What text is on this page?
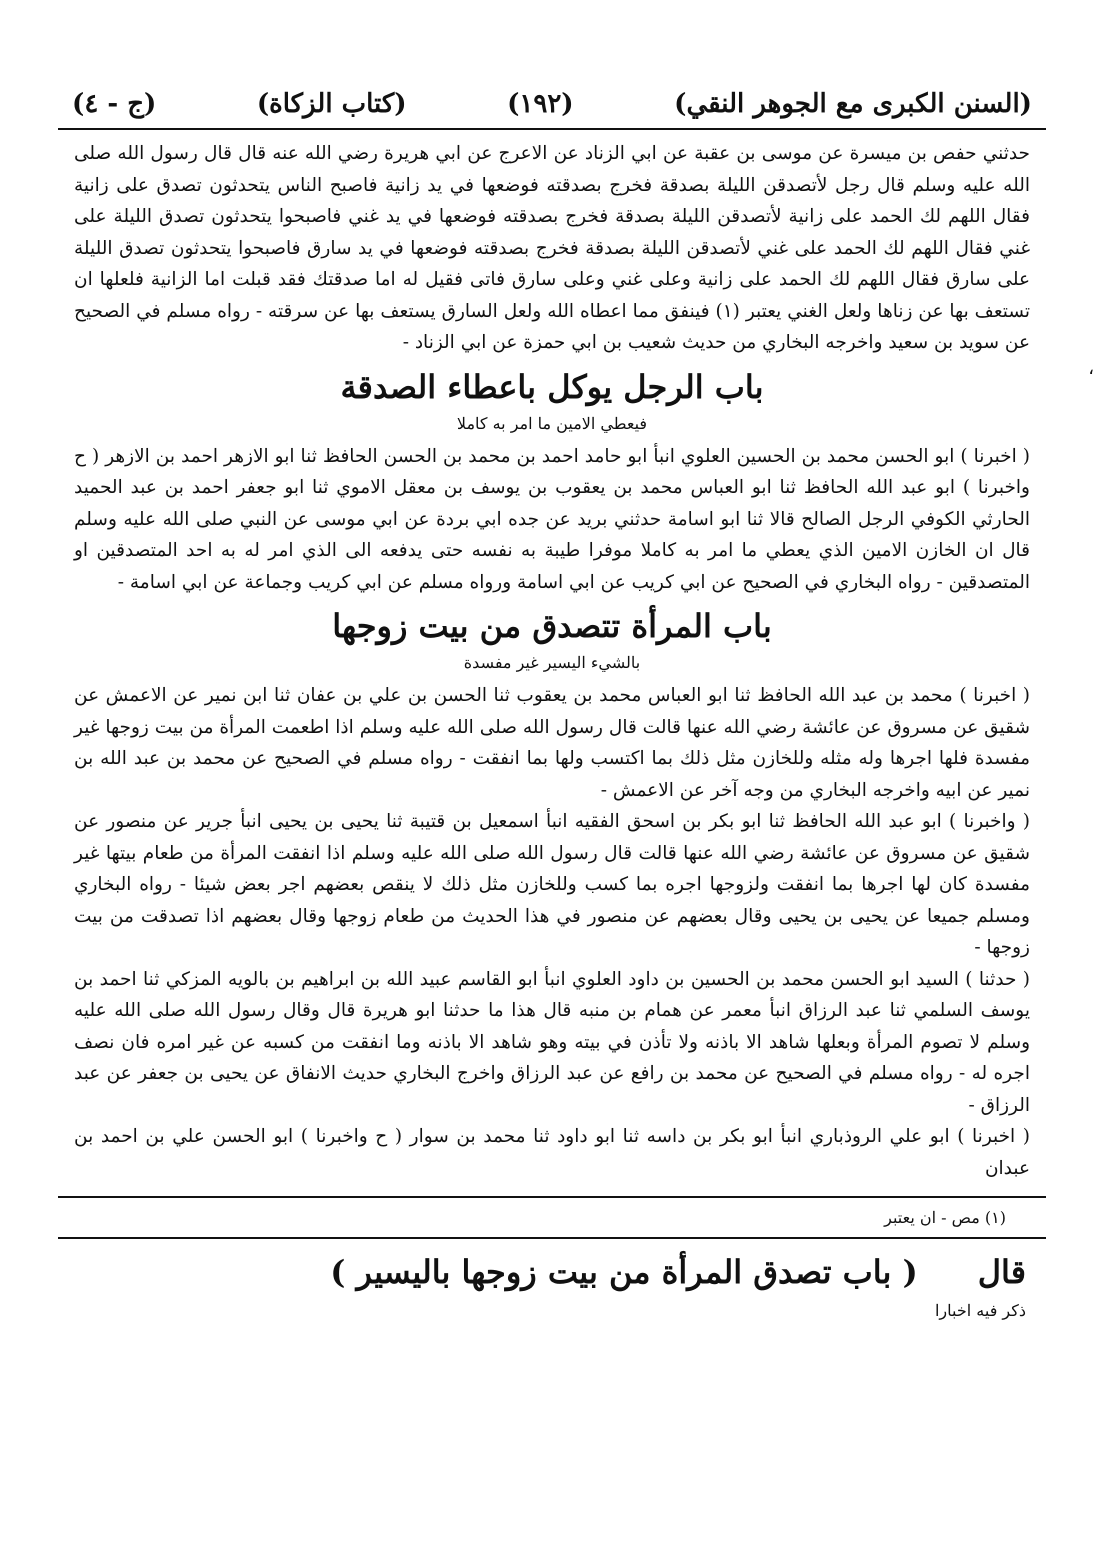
(السنن الكبرى مع الجوهر النقي)
(١٩٢)
(كتاب الزكاة)
(ج - ٤)

حدثني حفص بن ميسرة عن موسى بن عقبة عن ابي الزناد عن الاعرج عن ابي هريرة رضي الله عنه قال قال رسول الله صلى الله عليه وسلم قال رجل لأتصدقن الليلة بصدقة فخرج بصدقته فوضعها في يد زانية فاصبح الناس يتحدثون تصدق على زانية فقال اللهم لك الحمد على زانية لأتصدقن الليلة بصدقة فخرج بصدقته فوضعها في يد غني فاصبحوا يتحدثون تصدق الليلة على غني فقال اللهم لك الحمد على غني لأتصدقن الليلة بصدقة فخرج بصدقته فوضعها في يد سارق فاصبحوا يتحدثون تصدق الليلة على سارق فقال اللهم لك الحمد على زانية وعلى غني وعلى سارق فاتى فقيل له اما صدقتك فقد قبلت اما الزانية فلعلها ان تستعف بها عن زناها ولعل الغني يعتبر (١) فينفق مما اعطاه الله ولعل السارق يستعف بها عن سرقته - رواه مسلم في الصحيح عن سويد بن سعيد واخرجه البخاري من حديث شعيب بن ابي حمزة عن ابي الزناد -

باب الرجل يوكل باعطاء الصدقة
فيعطي الامين ما امر به كاملا

( اخبرنا ) ابو الحسن محمد بن الحسين العلوي انبأ ابو حامد احمد بن محمد بن الحسن الحافظ ثنا ابو الازهر احمد بن الازهر ( ح واخبرنا ) ابو عبد الله الحافظ ثنا ابو العباس محمد بن يعقوب بن يوسف بن معقل الاموي ثنا ابو جعفر احمد بن عبد الحميد الحارثي الكوفي الرجل الصالح قالا ثنا ابو اسامة حدثني بريد عن جده ابي بردة عن ابي موسى عن النبي صلى الله عليه وسلم قال ان الخازن الامين الذي يعطي ما امر به كاملا موفرا طيبة به نفسه حتى يدفعه الى الذي امر له به احد المتصدقين او المتصدقين - رواه البخاري في الصحيح عن ابي كريب عن ابي اسامة ورواه مسلم عن ابي كريب وجماعة عن ابي اسامة -

باب المرأة تتصدق من بيت زوجها
بالشيء اليسير غير مفسدة

( اخبرنا ) محمد بن عبد الله الحافظ ثنا ابو العباس محمد بن يعقوب ثنا الحسن بن علي بن عفان ثنا ابن نمير عن الاعمش عن شقيق عن مسروق عن عائشة رضي الله عنها قالت قال رسول الله صلى الله عليه وسلم اذا اطعمت المرأة من بيت زوجها غير مفسدة فلها اجرها وله مثله وللخازن مثل ذلك بما اكتسب ولها بما انفقت - رواه مسلم في الصحيح عن محمد بن عبد الله بن نمير عن ابيه واخرجه البخاري من وجه آخر عن الاعمش -

( واخبرنا ) ابو عبد الله الحافظ ثنا ابو بكر بن اسحق الفقيه انبأ اسمعيل بن قتيبة ثنا يحيى بن يحيى انبأ جرير عن منصور عن شقيق عن مسروق عن عائشة رضي الله عنها قالت قال رسول الله صلى الله عليه وسلم اذا انفقت المرأة من طعام بيتها غير مفسدة كان لها اجرها بما انفقت ولزوجها اجره بما كسب وللخازن مثل ذلك لا ينقص بعضهم اجر بعض شيئا - رواه البخاري ومسلم جميعا عن يحيى بن يحيى وقال بعضهم عن منصور في هذا الحديث من طعام زوجها وقال بعضهم اذا تصدقت من بيت زوجها -

( حدثنا ) السيد ابو الحسن محمد بن الحسين بن داود العلوي انبأ ابو القاسم عبيد الله بن ابراهيم بن بالويه المزكي ثنا احمد بن يوسف السلمي ثنا عبد الرزاق انبأ معمر عن همام بن منبه قال هذا ما حدثنا ابو هريرة قال وقال رسول الله صلى الله عليه وسلم لا تصوم المرأة وبعلها شاهد الا باذنه ولا تأذن في بيته وهو شاهد الا باذنه وما انفقت من كسبه عن غير امره فان نصف اجره له - رواه مسلم في الصحيح عن محمد بن رافع عن عبد الرزاق واخرج البخاري حديث الانفاق عن يحيى بن جعفر عن عبد الرزاق -

( اخبرنا ) ابو علي الروذباري انبأ ابو بكر بن داسه ثنا ابو داود ثنا محمد بن سوار ( ح واخبرنا ) ابو الحسن علي بن احمد بن عبدان

(١) مص - ان يعتبر
قال
( باب تصدق المرأة من بيت زوجها باليسير )
ذكر فيه اخبارا
،
